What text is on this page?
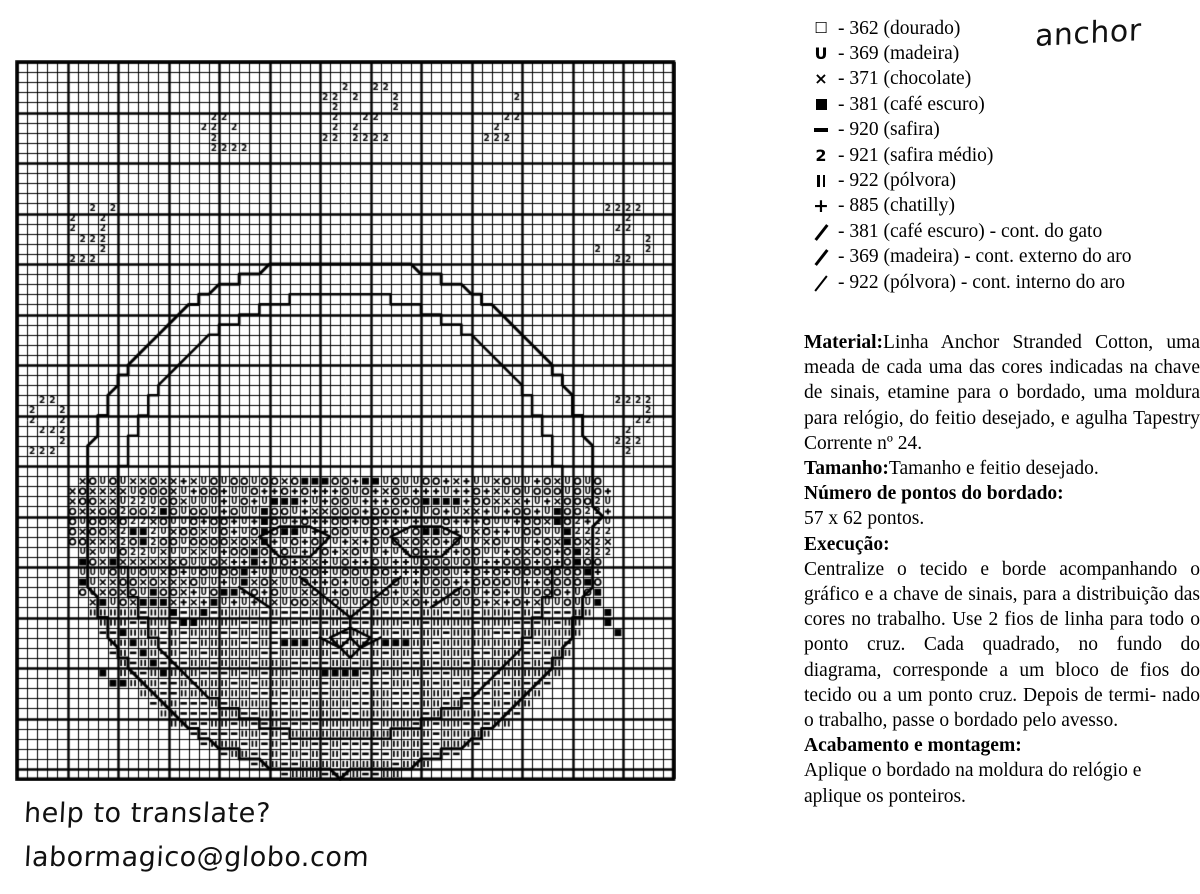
help to translate?
labormagico@globo.com
anchor
☐ - 362 (dourado)
U - 369 (madeira)
× - 371 (chocolate)
- 381 (café escuro)
- 920 (safira)
2 - 921 (safira médio)
- 922 (pólvora)
+ - 885 (chatilly)
- 381 (café escuro) - cont. do gato
- 369 (madeira) - cont. externo do aro
- 922 (pólvora) - cont. interno do aro

Material:Linha Anchor Stranded Cotton, uma meada de cada uma das cores indicadas na chave de sinais, etamine para o bordado, uma moldura para relógio, do feitio desejado, e agulha Tapestry Corrente nº 24.

Tamanho:Tamanho e feitio desejado.

Número de pontos do bordado:

57 x 62 pontos.

Execução:

Centralize o tecido e borde acompanhando o gráfico e a chave de sinais, para a distribuição das cores no trabalho. Use 2 fios de linha para todo o ponto cruz. Cada quadrado, no fundo do diagrama, corresponde a um bloco de fios do tecido ou a um ponto cruz. Depois de termi- nado o trabalho, passe o bordado pelo avesso.

Acabamento e montagem:

Aplique o bordado na moldura do relógio e aplique os ponteiros.
